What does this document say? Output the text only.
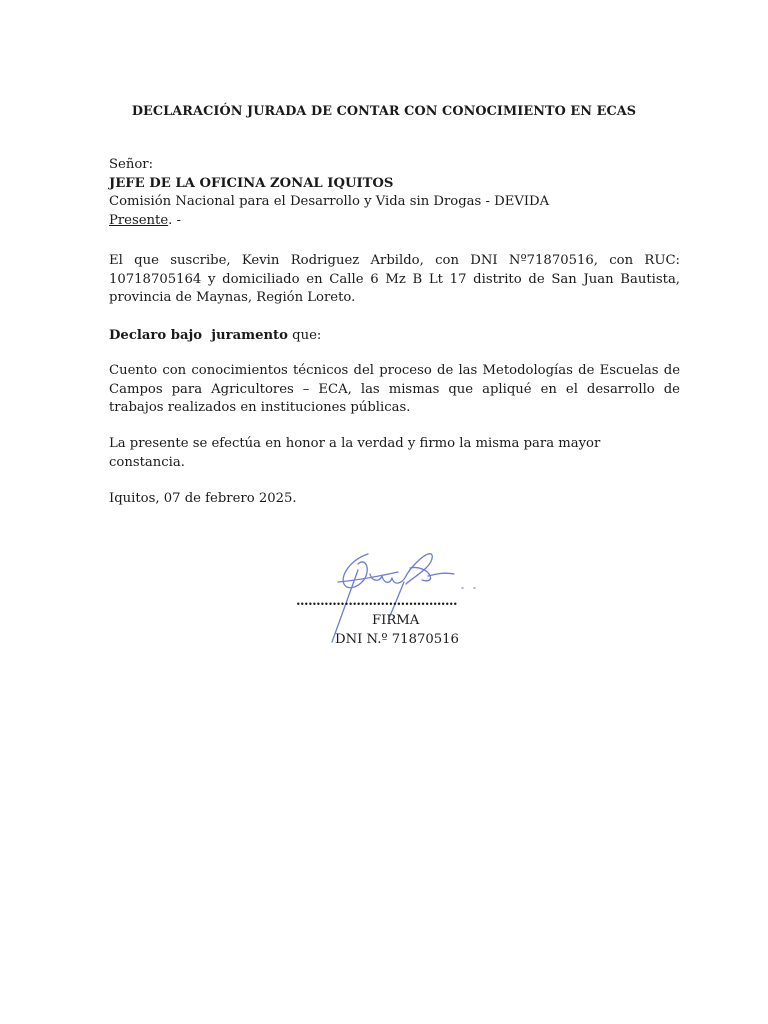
DECLARACIÓN JURADA DE CONTAR CON CONOCIMIENTO EN ECAS
Señor:
JEFE DE LA OFICINA ZONAL IQUITOS
Comisión Nacional para el Desarrollo y Vida sin Drogas - DEVIDA
Presente. -
El que suscribe, Kevin Rodriguez Arbildo, con DNI Nº71870516, con RUC: 10718705164 y domiciliado en Calle 6 Mz B Lt 17 distrito de San Juan Bautista, provincia de Maynas, Región Loreto.
Declaro bajo  juramento que:
Cuento con conocimientos técnicos del proceso de las Metodologías de Escuelas de Campos para Agricultores – ECA, las mismas que apliqué en el desarrollo de trabajos realizados en instituciones públicas.
La presente se efectúa en honor a la verdad y firmo la misma para mayor constancia.
Iquitos, 07 de febrero 2025.
........................................
FIRMA
DNI N.º 71870516
